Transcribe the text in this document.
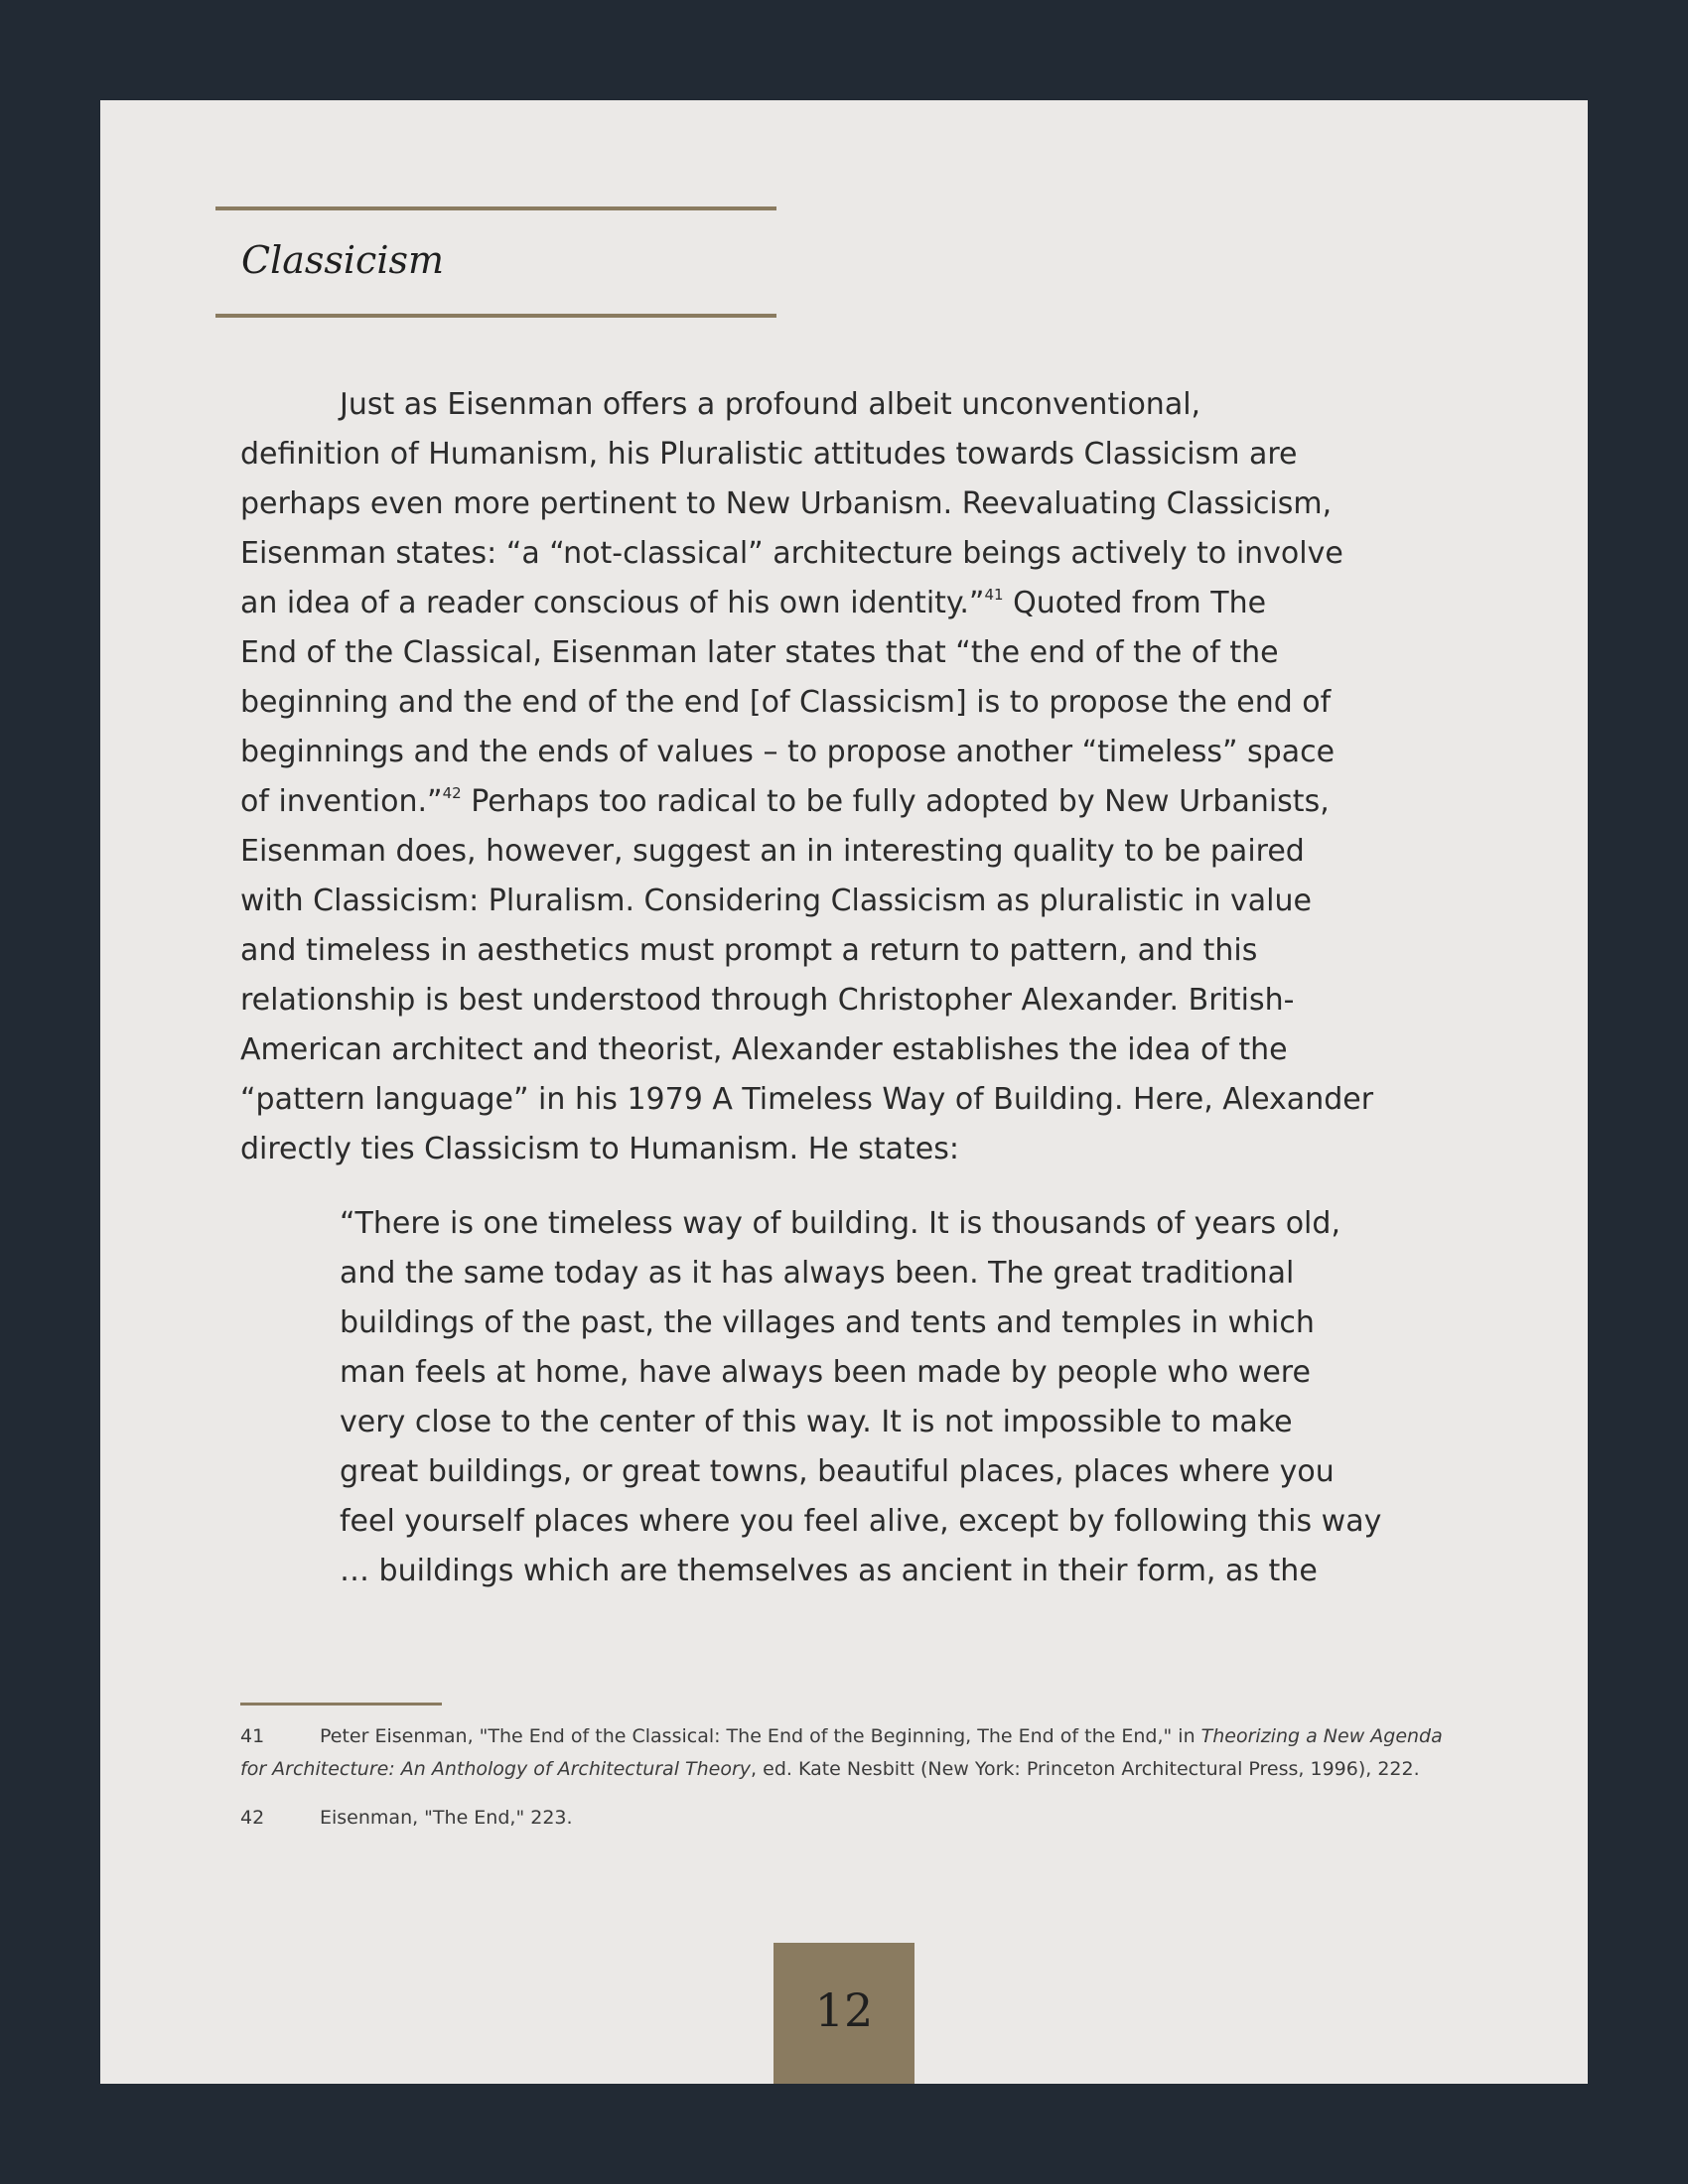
Classicism
Just as Eisenman offers a profound albeit unconventional,
definition of Humanism, his Pluralistic attitudes towards Classicism are
perhaps even more pertinent to New Urbanism. Reevaluating Classicism,
Eisenman states: “a “not-classical” architecture beings actively to involve
an idea of a reader conscious of his own identity.”$^{41}$ Quoted from The
End of the Classical, Eisenman later states that “the end of the of the
beginning and the end of the end [of Classicism] is to propose the end of
beginnings and the ends of values – to propose another “timeless” space
of invention.”$^{42}$ Perhaps too radical to be fully adopted by New Urbanists,
Eisenman does, however, suggest an in interesting quality to be paired
with Classicism: Pluralism. Considering Classicism as pluralistic in value
and timeless in aesthetics must prompt a return to pattern, and this
relationship is best understood through Christopher Alexander. British-
American architect and theorist, Alexander establishes the idea of the
“pattern language” in his 1979 A Timeless Way of Building. Here, Alexander
directly ties Classicism to Humanism. He states:
“There is one timeless way of building. It is thousands of years old,
and the same today as it has always been. The great traditional
buildings of the past, the villages and tents and temples in which
man feels at home, have always been made by people who were
very close to the center of this way. It is not impossible to make
great buildings, or great towns, beautiful places, places where you
feel yourself places where you feel alive, except by following this way
… buildings which are themselves as ancient in their form, as the
41	Peter Eisenman, "The End of the Classical: The End of the Beginning, The End of the End," in Theorizing a New Agenda
for Architecture: An Anthology of Architectural Theory, ed. Kate Nesbitt (New York: Princeton Architectural Press, 1996), 222.
42	Eisenman, "The End," 223.
12
